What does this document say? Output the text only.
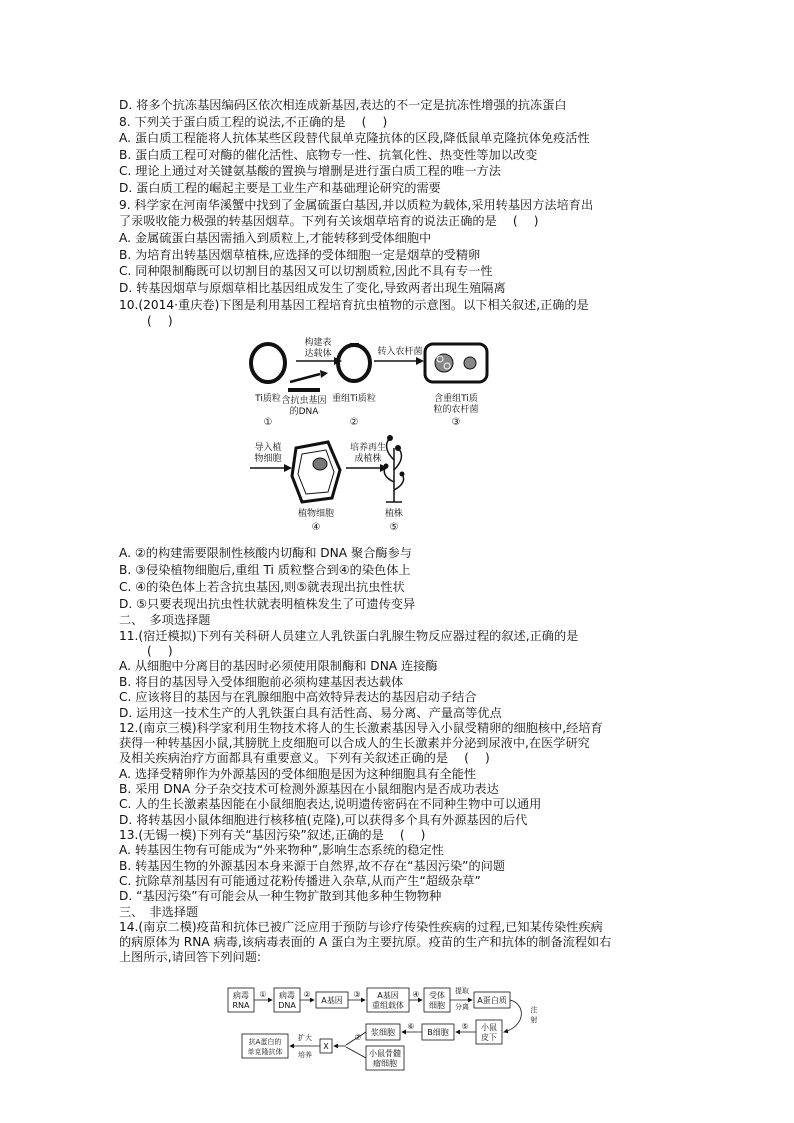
D. 将多个抗冻基因编码区依次相连成新基因,表达的不一定是抗冻性增强的抗冻蛋白
8. 下列关于蛋白质工程的说法,不正确的是 　(　 )
A. 蛋白质工程能将人抗体某些区段替代鼠单克隆抗体的区段,降低鼠单克隆抗体免疫活性
B. 蛋白质工程可对酶的催化活性、底物专一性、抗氧化性、热变性等加以改变
C. 理论上通过对关键氨基酸的置换与增删是进行蛋白质工程的唯一方法
D. 蛋白质工程的崛起主要是工业生产和基础理论研究的需要
9. 科学家在河南华溪蟹中找到了金属硫蛋白基因,并以质粒为载体,采用转基因方法培育出
了汞吸收能力极强的转基因烟草。下列有关该烟草培育的说法正确的是 　(　 )
A. 金属硫蛋白基因需插入到质粒上,才能转移到受体细胞中
B. 为培育出转基因烟草植株,应选择的受体细胞一定是烟草的受精卵
C. 同种限制酶既可以切割目的基因又可以切割质粒,因此不具有专一性
D. 转基因烟草与原烟草相比基因组成发生了变化,导致两者出现生殖隔离
10.(2014·重庆卷)下图是利用基因工程培育抗虫植物的示意图。以下相关叙述,正确的是
(　 )
Ti质粒
①
构建表
达载体
含抗虫基因
的DNA
重组Ti质粒
②
转入农杆菌
含重组Ti质
粒的农杆菌
③
导入植
物细胞
植物细胞
④
培养再生
成植株
植株
⑤
A. ②的构建需要限制性核酸内切酶和 DNA 聚合酶参与
B. ③侵染植物细胞后,重组 Ti 质粒整合到④的染色体上
C. ④的染色体上若含抗虫基因,则⑤就表现出抗虫性状
D. ⑤只要表现出抗虫性状就表明植株发生了可遗传变异
二、　多项选择题
11.(宿迁模拟)下列有关科研人员建立人乳铁蛋白乳腺生物反应器过程的叙述,正确的是
(　 )
A. 从细胞中分离目的基因时必须使用限制酶和 DNA 连接酶
B. 将目的基因导入受体细胞前必须构建基因表达载体
C. 应该将目的基因与在乳腺细胞中高效特异表达的基因启动子结合
D. 运用这一技术生产的人乳铁蛋白具有活性高、易分离、产量高等优点
12.(南京三模)科学家利用生物技术将人的生长激素基因导入小鼠受精卵的细胞核中,经培育
获得一种转基因小鼠,其膀胱上皮细胞可以合成人的生长激素并分泌到尿液中,在医学研究
及相关疾病治疗方面都具有重要意义。下列有关叙述正确的是 　(　 )
A. 选择受精卵作为外源基因的受体细胞是因为这种细胞具有全能性
B. 采用 DNA 分子杂交技术可检测外源基因在小鼠细胞内是否成功表达
C. 人的生长激素基因能在小鼠细胞表达,说明遗传密码在不同种生物中可以通用
D. 将转基因小鼠体细胞进行核移植(克隆),可以获得多个具有外源基因的后代
13.(无锡一模)下列有关“基因污染”叙述,正确的是 　(　 )
A. 转基因生物有可能成为“外来物种”,影响生态系统的稳定性
B. 转基因生物的外源基因本身来源于自然界,故不存在“基因污染”的问题
C. 抗除草剂基因有可能通过花粉传播进入杂草,从而产生“超级杂草”
D. “基因污染”有可能会从一种生物扩散到其他多种生物物种
三、　非选择题
14.(南京二模)疫苗和抗体已被广泛应用于预防与诊疗传染性疾病的过程,已知某传染性疾病
的病原体为 RNA 病毒,该病毒表面的 A 蛋白为主要抗原。疫苗的生产和抗体的制备流程如右
上图所示,请回答下列问题:
病毒
RNA
病毒
DNA
A基因
A基因
重组载体
受体
细胞
提取
分离
A蛋白质
注
射
小鼠
皮下
B细胞
浆细胞
小鼠骨髓
瘤细胞
X
扩大
培养
抗A蛋白的
单克隆抗体
①	②	③	④
⑤
⑥
⑦
